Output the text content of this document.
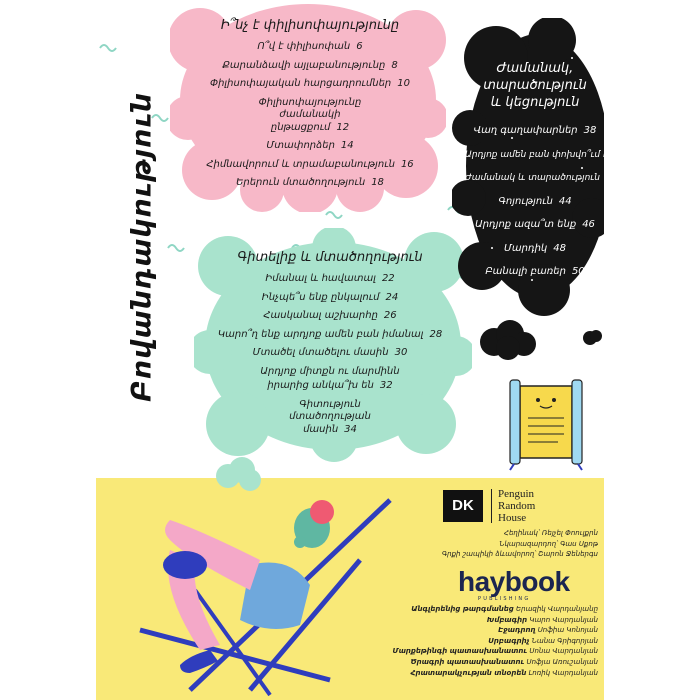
Բովանդակություն
Ի՞նչ է փիլիսոփայությունը
Ո՞վ է փիլիսոփան 6
Քարանձավի այլաբանությունը 8
Փիլիսոփայական հարցադրումներ 10
Փիլիսոփայությունը ժամանակի ընթացքում 12
Մտափորձեր 14
Հիմնավորում և տրամաբանություն 16
Երերուն մտածողություն 18
Գիտելիք և մտածողություն
Իմանալ և հավատալ 22
Ինչպե՞ս ենք ընկալում 24
Հասկանալ աշխարհը 26
Կարո՞ղ ենք արդյոք ամեն բան իմանալ 28
Մտածել մտածելու մասին 30
Արդյոք միտքն ու մարմինն
իրարից անկա՞խ են 32
Գիտություն մտածողության մասին 34
Ժամանակ, տարածություն և կեցություն
Վաղ գաղափարներ 38
Արդյոք ամեն բան փոխվո՞ւմ է 40
Ժամանակ և տարածություն 42
Գոյություն 44
Արդյոք ազա՞տ ենք 46
Մարդիկ 48
Բանալի բառեր 50
DK
Penguin
Random
House
Հեղինակ՝ Ռեյչել Փոուլքրն
Նկարազարդող՝ Գաս Սքոթ
Գրքի շապիկի ձևավորող՝ Շարոն Ջեներգս
haybook
PUBLISHING
Անգլերենից թարգմանեց Երազիկ Վարդանյանը
Խմբագիր Կարո Վարդանյան
Էջադրող Սոֆիա Կոնոյան
Սրբագրիչ Նանա Գրիգորյան
Մարքեթինգի պատասխանատու Սոնա Վարդանյան
Ծրագրի պատասխանատու Սոֆյա Առուշանյան
Հրատարակչության տնօրեն Լոռիկ Վարդանյան
